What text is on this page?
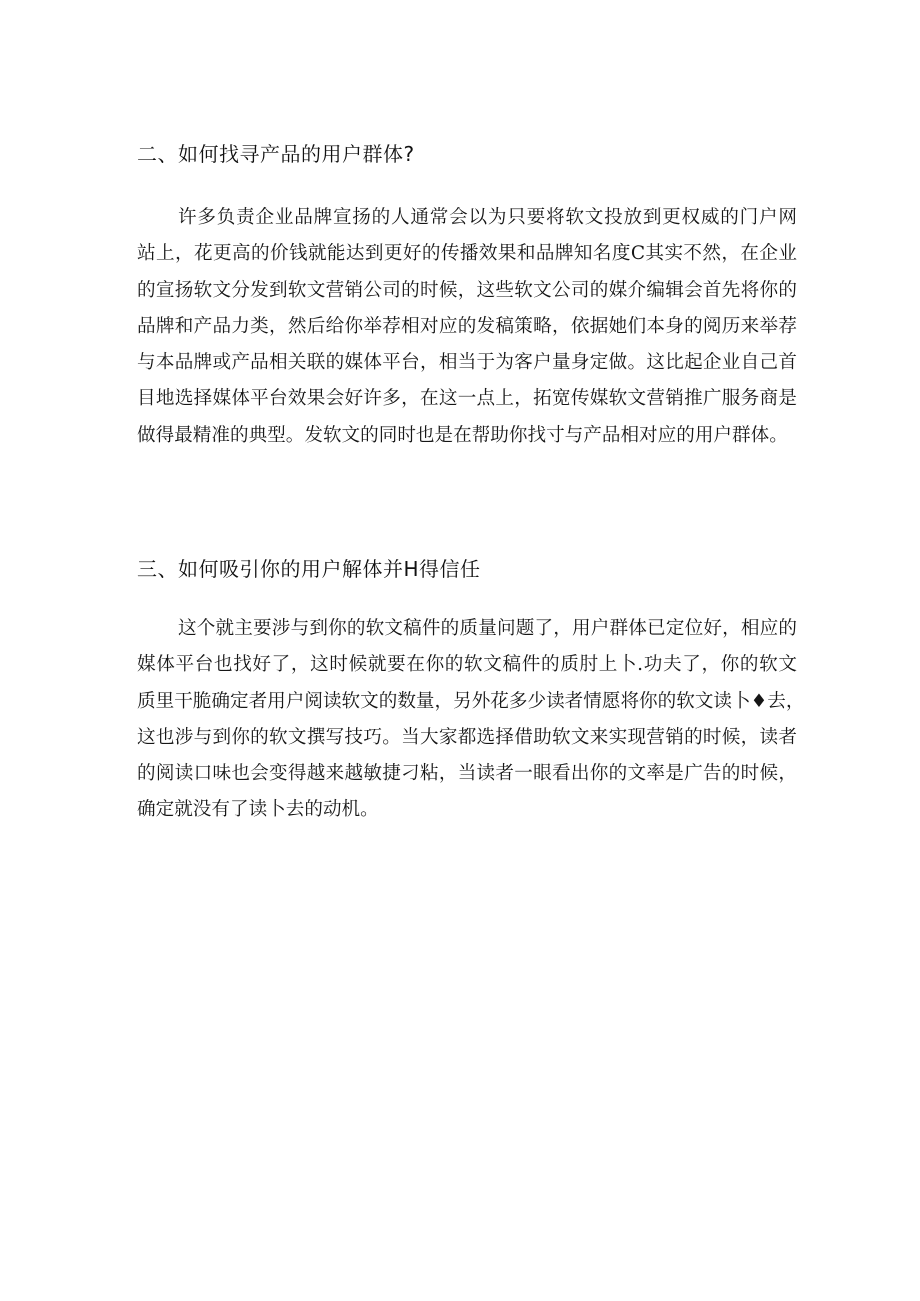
二、如何找寻产品的用户群体?
许多负责企业品牌宣扬的人通常会以为只要将软文投放到更权威的门户网
站上，花更高的价钱就能达到更好的传播效果和品牌知名度C其实不然，在企业
的宣扬软文分发到软文营销公司的时候，这些软文公司的媒介编辑会首先将你的
品牌和产品力类，然后给你举荐相对应的发稿策略，依据她们本身的阅历来举荐
与本品牌或产品相关联的媒体平台，相当于为客户量身定做。这比起企业自己首
目地选择媒体平台效果会好许多，在这一点上，拓宽传媒软文营销推广服务商是
做得最精准的典型。发软文的同时也是在帮助你找寸与产品相对应的用户群体。
三、如何吸引你的用户解体并H得信任
这个就主要涉与到你的软文稿件的质量问题了，用户群体已定位好，相应的
媒体平台也找好了，这时候就要在你的软文稿件的质肘上卜.功夫了，你的软文
质里干脆确定者用户阅读软文的数量，另外花多少读者情愿将你的软文读卜♦去，
这也涉与到你的软文撰写技巧。当大家都选择借助软文来实现营销的时候，读者
的阅读口味也会变得越来越敏捷刁粘，当读者一眼看出你的文率是广告的时候，
确定就没有了读卜去的动机。
